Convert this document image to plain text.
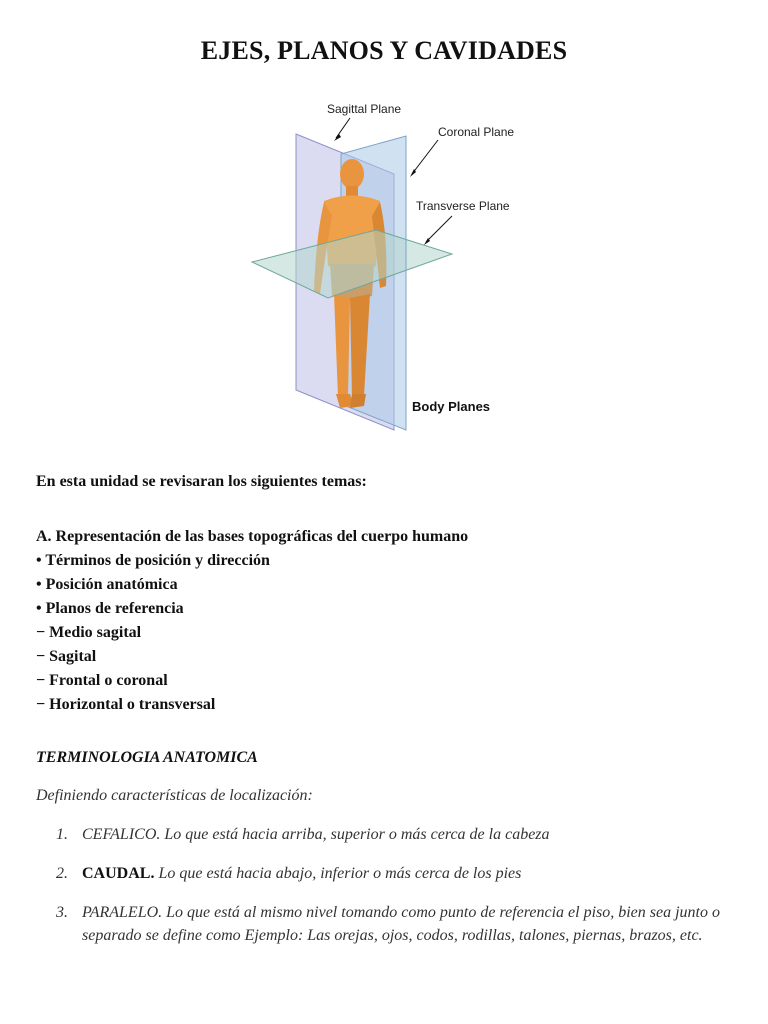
EJES, PLANOS Y CAVIDADES
Sagittal Plane
Coronal Plane
Transverse Plane
Body Planes
En esta unidad se revisaran los siguientes temas:
A. Representación de las bases topográficas del cuerpo humano
• Términos de posición y dirección
• Posición anatómica
• Planos de referencia
− Medio sagital
− Sagital
− Frontal o coronal
− Horizontal o transversal
TERMINOLOGIA ANATOMICA
Definiendo características de localización:
1. CEFALICO. Lo que está hacia arriba, superior o más cerca de la cabeza
2. CAUDAL. Lo que está hacia abajo, inferior o más cerca de los pies
3. PARALELO. Lo que está al mismo nivel tomando como punto de referencia el piso, bien sea junto o separado se define como Ejemplo: Las orejas, ojos, codos, rodillas, talones, piernas, brazos, etc.
